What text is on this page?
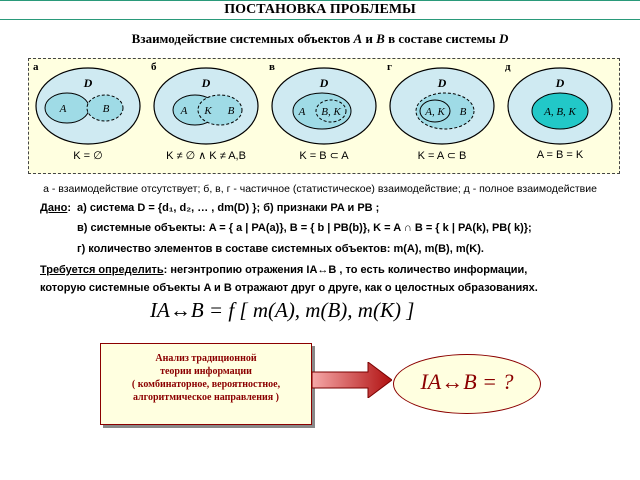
ПОСТАНОВКА ПРОБЛЕМЫ
Взаимодействие системных объектов A и B в составе системы D
а
D
A	B
K = ∅
б
D
A K B
K ≠ ∅ ∧ K ≠ A,B
в
D
A B, K
K = B ⊂ A
г
D
A, K B
K = A ⊂ B
д
D
A, B, K
A = B = K
а - взаимодействие отсутствует; б, в, г - частичное (статистическое) взаимодействие; д - полное взаимодействие
Дано: а) система D = {d₁, d₂, … , dm(D) }; б) признаки PA и PB ;
в) системные объекты: A = { a | PA(a)}, B = { b | PB(b)}, K = A ∩ B = { k | PA(k), PB( k)};
г) количество элементов в составе системных объектов: m(A), m(B), m(K).
Требуется определить: негэнтропию отражения IA↔B , то есть количество информации,
которую системные объекты A и B отражают друг о друге, как о целостных образованиях.
IA↔B = f [ m(A), m(B), m(K) ]
Анализ традиционной
теории информации
( комбинаторное, вероятностное,
алгоритмическое направления )
IA↔B = ?
